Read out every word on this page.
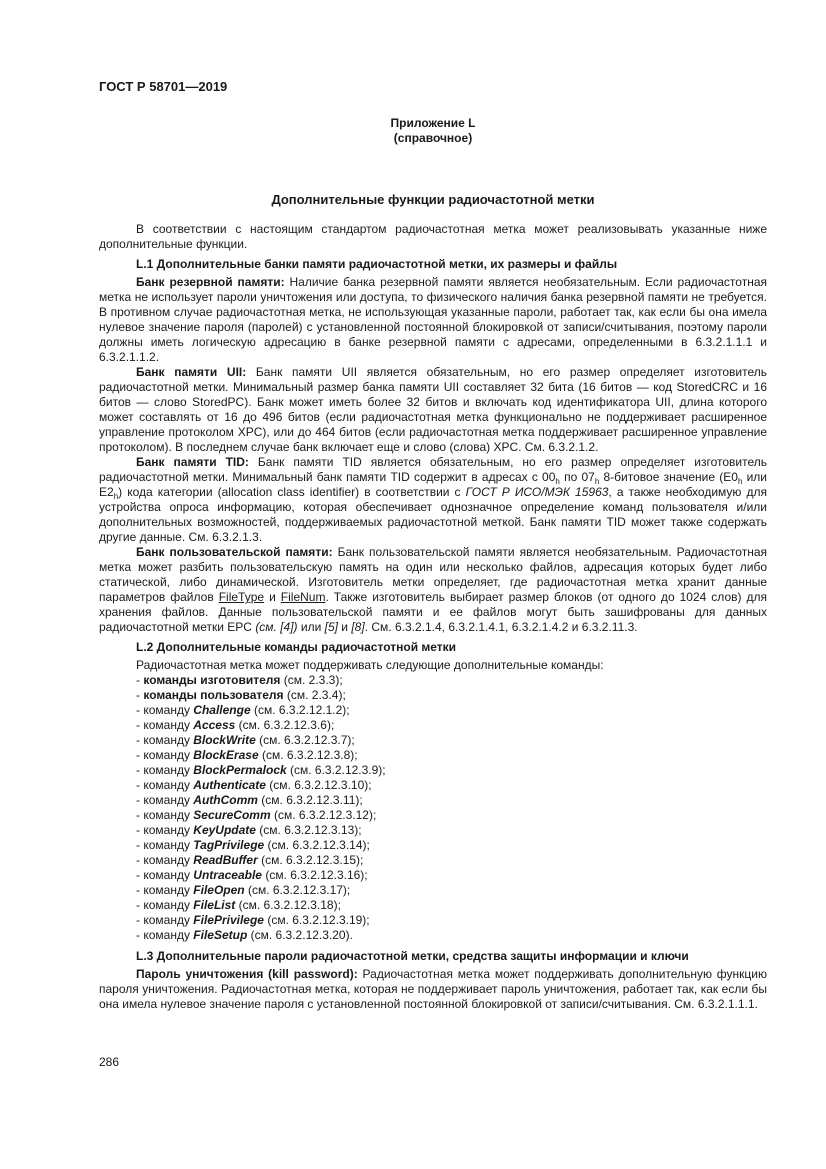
ГОСТ Р 58701—2019
Приложение L
(справочное)
Дополнительные функции радиочастотной метки

В соответствии с настоящим стандартом радиочастотная метка может реализовывать указанные ниже дополнительные функции.

L.1 Дополнительные банки памяти радиочастотной метки, их размеры и файлы

Банк резервной памяти: Наличие банка резервной памяти является необязательным. Если радиочастотная метка не использует пароли уничтожения или доступа, то физического наличия банка резервной памяти не требуется. В противном случае радиочастотная метка, не использующая указанные пароли, работает так, как если бы она имела нулевое значение пароля (паролей) с установленной постоянной блокировкой от записи/считывания, поэтому пароли должны иметь логическую адресацию в банке резервной памяти с адресами, определенными в 6.3.2.1.1.1 и 6.3.2.1.1.2.

Банк памяти UII: Банк памяти UII является обязательным, но его размер определяет изготовитель радиочастотной метки. Минимальный размер банка памяти UII составляет 32 бита (16 битов — код StoredCRC и 16 битов — слово StoredPC). Банк может иметь более 32 битов и включать код идентификатора UII, длина которого может составлять от 16 до 496 битов (если радиочастотная метка функционально не поддерживает расширенное управление протоколом XPC), или до 464 битов (если радиочастотная метка поддерживает расширенное управление протоколом). В последнем случае банк включает еще и слово (слова) XPC. См. 6.3.2.1.2.

Банк памяти TID: Банк памяти TID является обязательным, но его размер определяет изготовитель радиочастотной метки. Минимальный банк памяти TID содержит в адресах с $00_h$ по $07_h$ 8-битовое значение ($E0_h$ или $E2_h$) кода категории (allocation class identifier) в соответствии с ГОСТ Р ИСО/МЭК 15963, а также необходимую для устройства опроса информацию, которая обеспечивает однозначное определение команд пользователя и/или дополнительных возможностей, поддерживаемых радиочастотной меткой. Банк памяти TID может также содержать другие данные. См. 6.3.2.1.3.

Банк пользовательской памяти: Банк пользовательской памяти является необязательным. Радиочастотная метка может разбить пользовательскую память на один или несколько файлов, адресация которых будет либо статической, либо динамической. Изготовитель метки определяет, где радиочастотная метка хранит данные параметров файлов FileType и FileNum. Также изготовитель выбирает размер блоков (от одного до 1024 слов) для хранения файлов. Данные пользовательской памяти и ее файлов могут быть зашифрованы для данных радиочастотной метки EPC (см. [4]) или [5] и [8]. См. 6.3.2.1.4, 6.3.2.1.4.1, 6.3.2.1.4.2 и 6.3.2.11.3.

L.2 Дополнительные команды радиочастотной метки

Радиочастотная метка может поддерживать следующие дополнительные команды:

- команды изготовителя (см. 2.3.3);
- команды пользователя (см. 2.3.4);
- команду Challenge (см. 6.3.2.12.1.2);
- команду Access (см. 6.3.2.12.3.6);
- команду BlockWrite (см. 6.3.2.12.3.7);
- команду BlockErase (см. 6.3.2.12.3.8);
- команду BlockPermalock (см. 6.3.2.12.3.9);
- команду Authenticate (см. 6.3.2.12.3.10);
- команду AuthComm (см. 6.3.2.12.3.11);
- команду SecureComm (см. 6.3.2.12.3.12);
- команду KeyUpdate (см. 6.3.2.12.3.13);
- команду TagPrivilege (см. 6.3.2.12.3.14);
- команду ReadBuffer (см. 6.3.2.12.3.15);
- команду Untraceable (см. 6.3.2.12.3.16);
- команду FileOpen (см. 6.3.2.12.3.17);
- команду FileList (см. 6.3.2.12.3.18);
- команду FilePrivilege (см. 6.3.2.12.3.19);
- команду FileSetup (см. 6.3.2.12.3.20).
L.3 Дополнительные пароли радиочастотной метки, средства защиты информации и ключи

Пароль уничтожения (kill password): Радиочастотная метка может поддерживать дополнительную функцию пароля уничтожения. Радиочастотная метка, которая не поддерживает пароль уничтожения, работает так, как если бы она имела нулевое значение пароля с установленной постоянной блокировкой от записи/считывания. См. 6.3.2.1.1.1.

286
